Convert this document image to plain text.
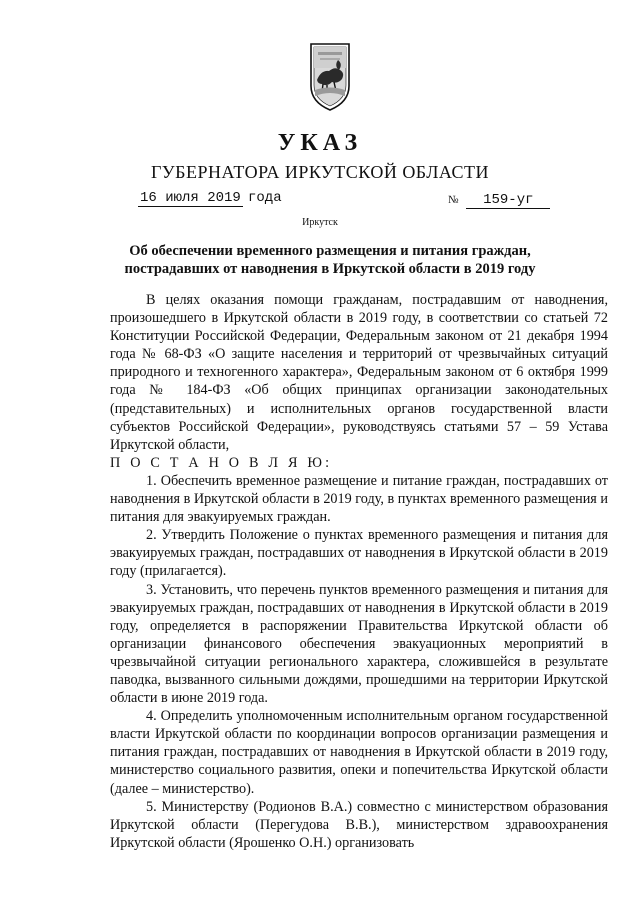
УКАЗ
ГУБЕРНАТОРА ИРКУТСКОЙ ОБЛАСТИ
16 июля 2019 года	№ 159-уг
Иркутск
Об обеспечении временного размещения и питания граждан,
пострадавших от наводнения в Иркутской области в 2019 году

В целях оказания помощи гражданам, пострадавшим от наводнения, произошедшего в Иркутской области в 2019 году, в соответствии со статьей 72 Конституции Российской Федерации, Федеральным законом от 21 декабря 1994 года № 68-ФЗ «О защите населения и территорий от чрезвычайных ситуаций природного и техногенного характера», Федеральным законом от 6 октября 1999 года № 184-ФЗ «Об общих принципах организации законодательных (представительных) и исполнительных органов государственной власти субъектов Российской Федерации», руководствуясь статьями 57 – 59 Устава Иркутской области,

П О С Т А Н О В Л Я Ю:

1. Обеспечить временное размещение и питание граждан, пострадавших от наводнения в Иркутской области в 2019 году, в пунктах временного размещения и питания для эвакуируемых граждан.

2. Утвердить Положение о пунктах временного размещения и питания для эвакуируемых граждан, пострадавших от наводнения в Иркутской области в 2019 году (прилагается).

3. Установить, что перечень пунктов временного размещения и питания для эвакуируемых граждан, пострадавших от наводнения в Иркутской области в 2019 году, определяется в распоряжении Правительства Иркутской области об организации финансового обеспечения эвакуационных мероприятий в чрезвычайной ситуации регионального характера, сложившейся в результате паводка, вызванного сильными дождями, прошедшими на территории Иркутской области в июне 2019 года.

4. Определить уполномоченным исполнительным органом государственной власти Иркутской области по координации вопросов организации размещения и питания граждан, пострадавших от наводнения в Иркутской области в 2019 году, министерство социального развития, опеки и попечительства Иркутской области (далее – министерство).

5. Министерству (Родионов В.А.) совместно с министерством образования Иркутской области (Перегудова В.В.), министерством здравоохранения Иркутской области (Ярошенко О.Н.) организовать
